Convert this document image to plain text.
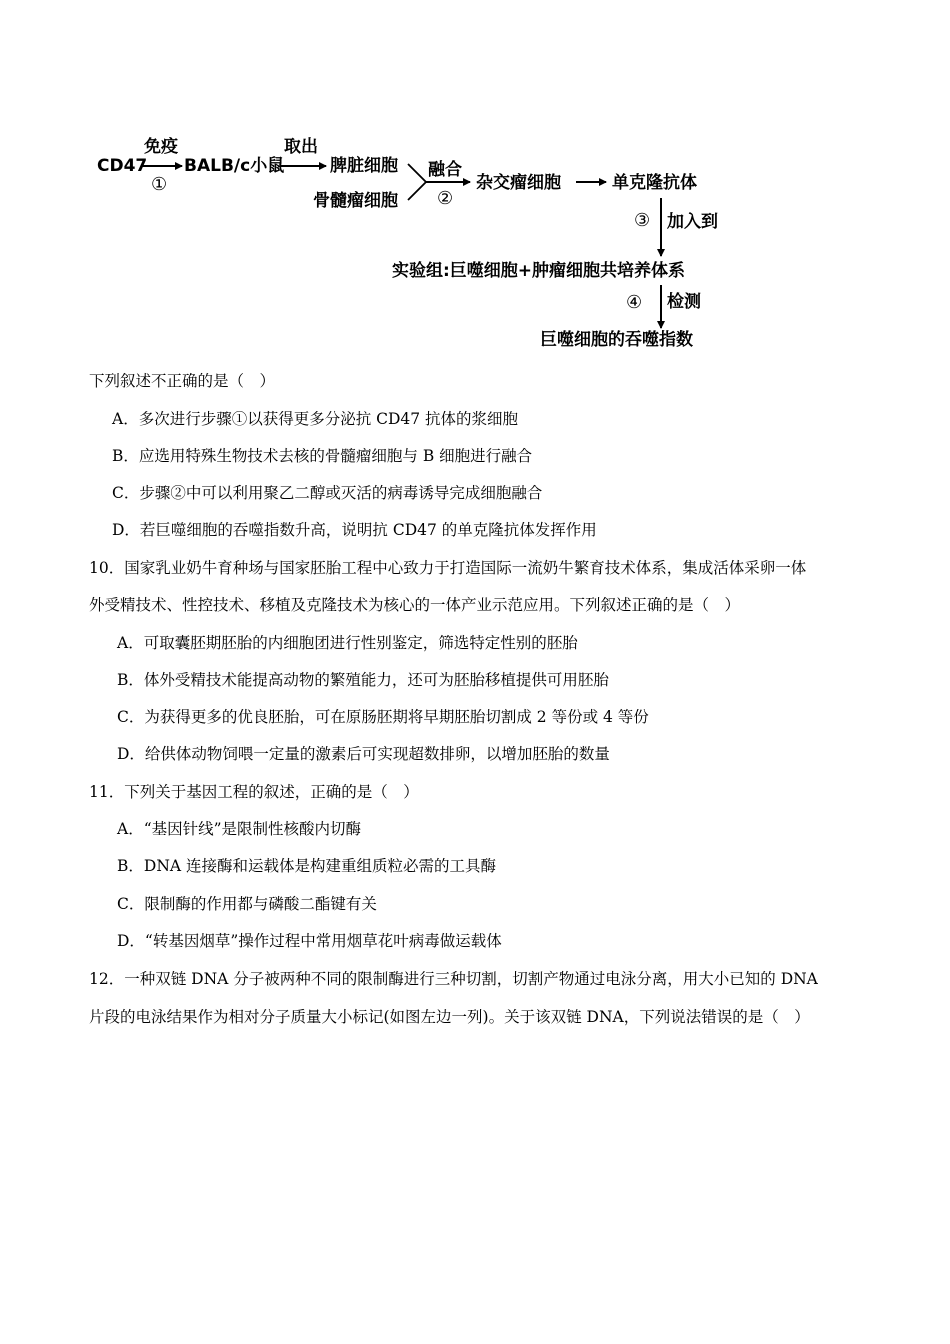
CD47
免疫
①
BALB/c小鼠
取出
脾脏细胞
骨髓瘤细胞
融合
②
杂交瘤细胞	单克隆抗体
③ 加入到
实验组:巨噬细胞+肿瘤细胞共培养体系
④ 检测
巨噬细胞的吞噬指数
下列叙述不正确的是（　）
A．多次进行步骤①以获得更多分泌抗 CD47 抗体的浆细胞
B．应选用特殊生物技术去核的骨髓瘤细胞与 B 细胞进行融合
C．步骤②中可以利用聚乙二醇或灭活的病毒诱导完成细胞融合
D．若巨噬细胞的吞噬指数升高，说明抗 CD47 的单克隆抗体发挥作用
10．国家乳业奶牛育种场与国家胚胎工程中心致力于打造国际一流奶牛繁育技术体系，集成活体采卵一体
外受精技术、性控技术、移植及克隆技术为核心的一体产业示范应用。下列叙述正确的是（　）
A．可取囊胚期胚胎的内细胞团进行性别鉴定，筛选特定性别的胚胎
B．体外受精技术能提高动物的繁殖能力，还可为胚胎移植提供可用胚胎
C．为获得更多的优良胚胎，可在原肠胚期将早期胚胎切割成 2 等份或 4 等份
D．给供体动物饲喂一定量的激素后可实现超数排卵，以增加胚胎的数量
11．下列关于基因工程的叙述，正确的是（　）
A．“基因针线”是限制性核酸内切酶
B．DNA 连接酶和运载体是构建重组质粒必需的工具酶
C．限制酶的作用都与磷酸二酯键有关
D．“转基因烟草”操作过程中常用烟草花叶病毒做运载体
12．一种双链 DNA 分子被两种不同的限制酶进行三种切割，切割产物通过电泳分离，用大小已知的 DNA
片段的电泳结果作为相对分子质量大小标记(如图左边一列)。关于该双链 DNA，下列说法错误的是（　）
